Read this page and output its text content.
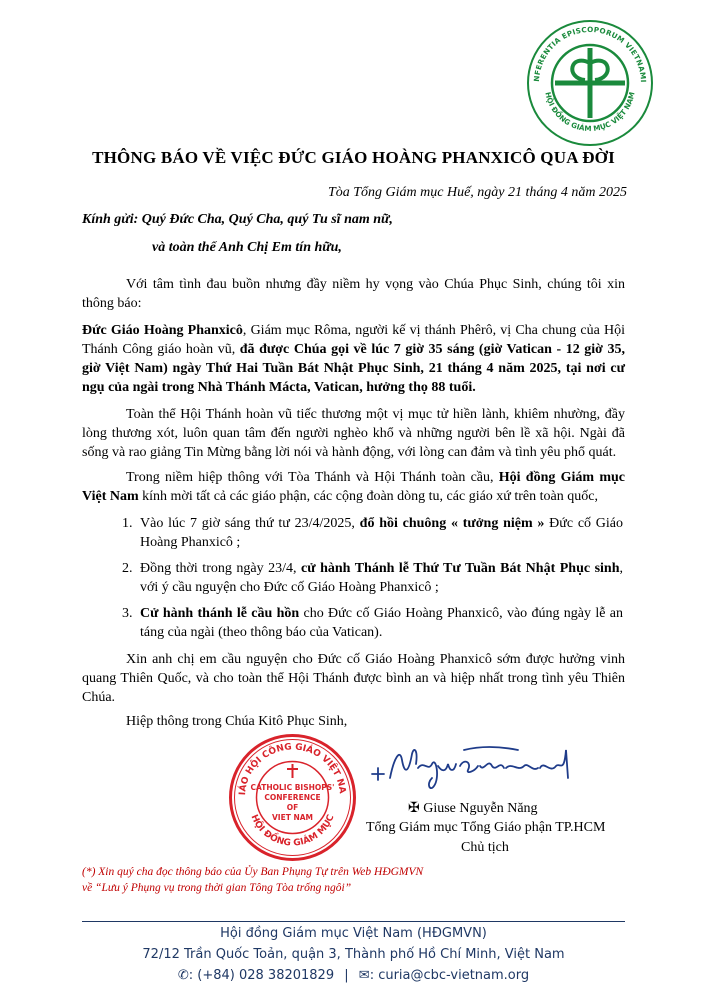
NFERENTIA EPISCOPORUM VIETNAMI
HỘI ĐỒNG GIÁM MỤC VIỆT NAM
THÔNG BÁO VỀ VIỆC ĐỨC GIÁO HOÀNG PHANXICÔ QUA ĐỜI
Tòa Tổng Giám mục Huế, ngày 21 tháng 4 năm 2025
Kính gửi: Quý Đức Cha, Quý Cha, quý Tu sĩ nam nữ,
và toàn thể Anh Chị Em tín hữu,

Với tâm tình đau buồn nhưng đầy niềm hy vọng vào Chúa Phục Sinh, chúng tôi xin thông báo:

Đức Giáo Hoàng Phanxicô, Giám mục Rôma, người kế vị thánh Phêrô, vị Cha chung của Hội Thánh Công giáo hoàn vũ, đã được Chúa gọi về lúc 7 giờ 35 sáng (giờ Vatican - 12 giờ 35, giờ Việt Nam) ngày Thứ Hai Tuần Bát Nhật Phục Sinh, 21 tháng 4 năm 2025, tại nơi cư ngụ của ngài trong Nhà Thánh Mácta, Vatican, hưởng thọ 88 tuổi.

Toàn thể Hội Thánh hoàn vũ tiếc thương một vị mục tử hiền lành, khiêm nhường, đầy lòng thương xót, luôn quan tâm đến người nghèo khổ và những người bên lề xã hội. Ngài đã sống và rao giảng Tin Mừng bằng lời nói và hành động, với lòng can đảm và tình yêu phổ quát.

Trong niềm hiệp thông với Tòa Thánh và Hội Thánh toàn cầu, Hội đồng Giám mục Việt Nam kính mời tất cả các giáo phận, các cộng đoàn dòng tu, các giáo xứ trên toàn quốc,

1. Vào lúc 7 giờ sáng thứ tư 23/4/2025, đổ hồi chuông « tưởng niệm » Đức cố Giáo Hoàng Phanxicô ;
2. Đồng thời trong ngày 23/4, cử hành Thánh lễ Thứ Tư Tuần Bát Nhật Phục sinh, với ý cầu nguyện cho Đức cố Giáo Hoàng Phanxicô ;
3. Cử hành thánh lễ cầu hồn cho Đức cố Giáo Hoàng Phanxicô, vào đúng ngày lễ an táng của ngài (theo thông báo của Vatican).

Xin anh chị em cầu nguyện cho Đức cố Giáo Hoàng Phanxicô sớm được hưởng vinh quang Thiên Quốc, và cho toàn thể Hội Thánh được bình an và hiệp nhất trong tình yêu Thiên Chúa.

Hiệp thông trong Chúa Kitô Phục Sinh,

IÁO HỘI CÔNG GIÁO VIỆT NA
HỘI ĐỒNG GIÁM MỤC
CATHOLIC BISHOPS'
CONFERENCE
OF
VIET NAM
✠ Giuse Nguyễn Năng
Tổng Giám mục Tổng Giáo phận TP.HCM
Chủ tịch
(*) Xin quý cha đọc thông báo của Ủy Ban Phụng Tự trên Web HĐGMVN
về “Lưu ý Phụng vụ trong thời gian Tông Tòa trống ngôi”
Hội đồng Giám mục Việt Nam (HĐGMVN)
72/12 Trần Quốc Toản, quận 3, Thành phố Hồ Chí Minh, Việt Nam
✆: (+84) 028 38201829 | ✉: curia@cbc-vietnam.org
